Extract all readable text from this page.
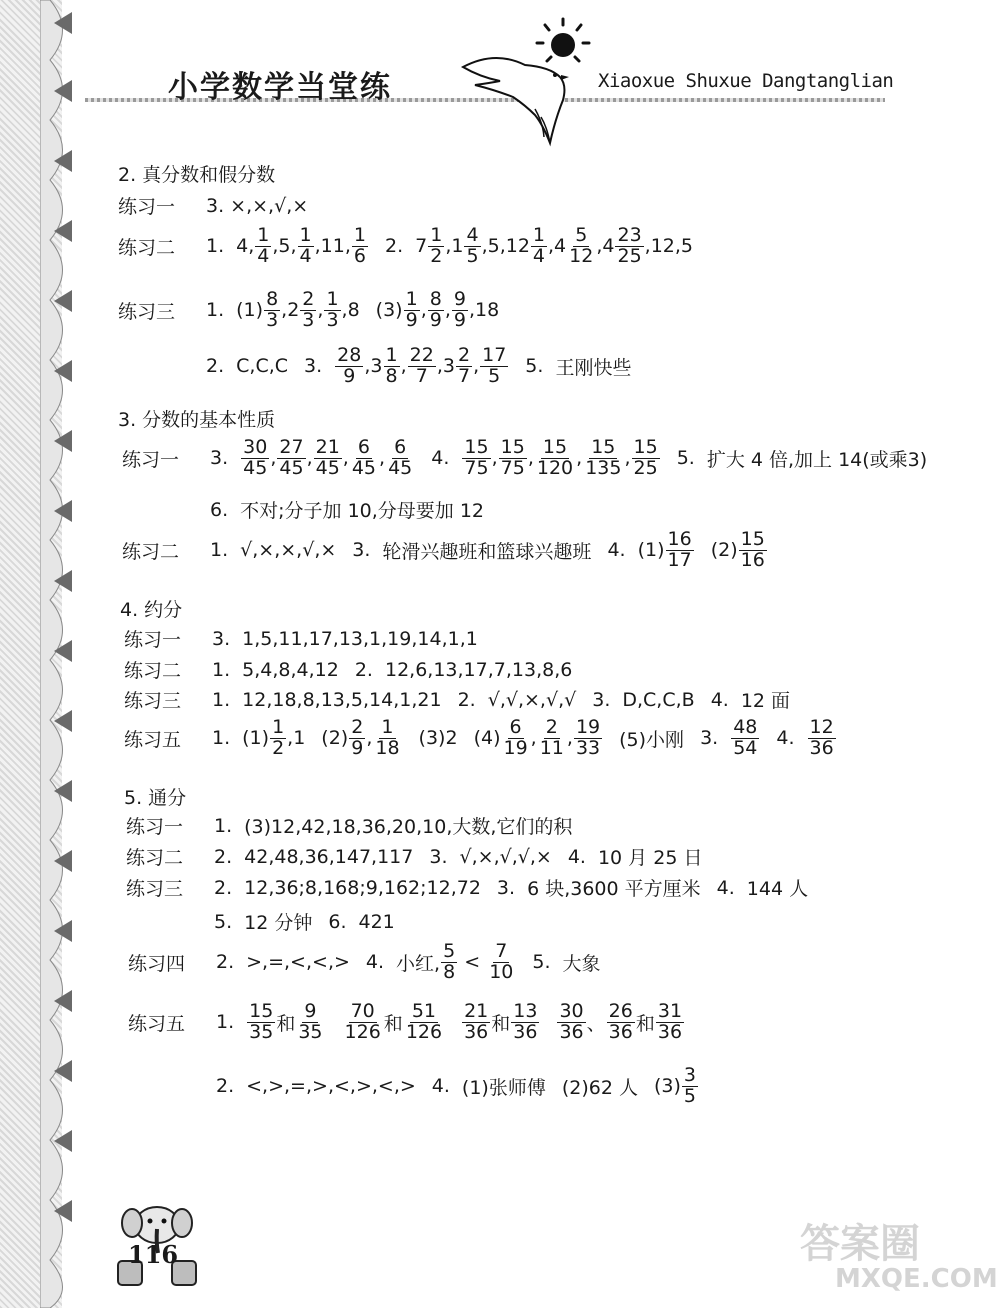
小学数学当堂练	Xiaoxue Shuxue Dangtanglian
2. 真分数和假分数
练习一	3. ×,×,√,×
练习二	1. 4, $\frac{1}{4} ,5$, $\frac{1}{4} ,11$, $\frac{1}{6} 2$. $7 \frac{1}{2} ,1 \frac{4}{5} ,5,12 \frac{1}{4} ,4 \frac{5}{12} ,4 \frac{23}{25} ,12,5$
练习三	1. $(1) \frac{8}{3} ,2 \frac{2}{3}$ , $\frac{1}{3} ,8$ $(3) \frac{1}{9}$ , $\frac{8}{9}$ , $\frac{9}{9} ,18$
2. C,C,C 3. $\frac{28}{9} ,3 \frac{1}{8}$ , $\frac{22}{7} ,3 \frac{2}{7}$ , $\frac{17}{5} 5$. 王刚快些
3. 分数的基本性质
练习一	3. $\frac{30}{45}$ , $\frac{27}{45}$ , $\frac{21}{45}$ , $\frac{6}{45}$ , $\frac{6}{45} 4$. $\frac{15}{75}$ , $\frac{15}{75}$ , $\frac{15}{120}$ , $\frac{15}{135}$ , $\frac{15}{25} 5$. 扩大 4 倍,加上 14(或乘3)
6. 不对;分子加 10,分母要加 12
练习二	1. √,×,×,√,× 3. 轮滑兴趣班和篮球兴趣班 4. $(1) \frac{16}{17} (2) \frac{15}{16}$
4. 约分
练习一	3. 1,5,11,17,13,1,19,14,1,1
练习二	1. 5,4,8,4,12 2. 12,6,13,17,7,13,8,6
练习三	1. 12,18,8,13,5,14,1,21 2. √,√,×,√,√ 3. D,C,C,B 4. 12 面
练习五	1. $(1) \frac{1}{2} ,1$ $(2) \frac{2}{9}$ , $\frac{1}{18} (3)2$ $(4) \frac{6}{19}$ , $\frac{2}{11}$ , $\frac{19}{33} (5)$小刚 3. $\frac{48}{54} 4$. $\frac{12}{36}$
5. 通分
练习一	1. (3)12,42,18,36,20,10,大数,它们的积
练习二	2. 42,48,36,147,117 3. √,×,√,√,× 4. 10 月 25 日
练习三	2. 12,36;8,168;9,162;12,72 3. 6 块,3600 平方厘米 4. 144 人
5. 12 分钟 6. 421
练习四	2. >,=,<,<,> 4. 小红, $\frac{5}{8} < \frac{7}{10} 5$. 大象
练习五	1. $\frac{15}{35}$ 和 $\frac{9}{35} \frac{70}{126}$ 和 $\frac{51}{126} \frac{21}{36}$ 和 $\frac{13}{36} \frac{30}{36}$ 、 $\frac{26}{36}$ 和 $\frac{31}{36}$
2. <,>,=,>,<,>,<,> 4. (1)张师傅 (2)62 人 $(3) \frac{3}{5}$
116	答案圈
MXQE.COM
